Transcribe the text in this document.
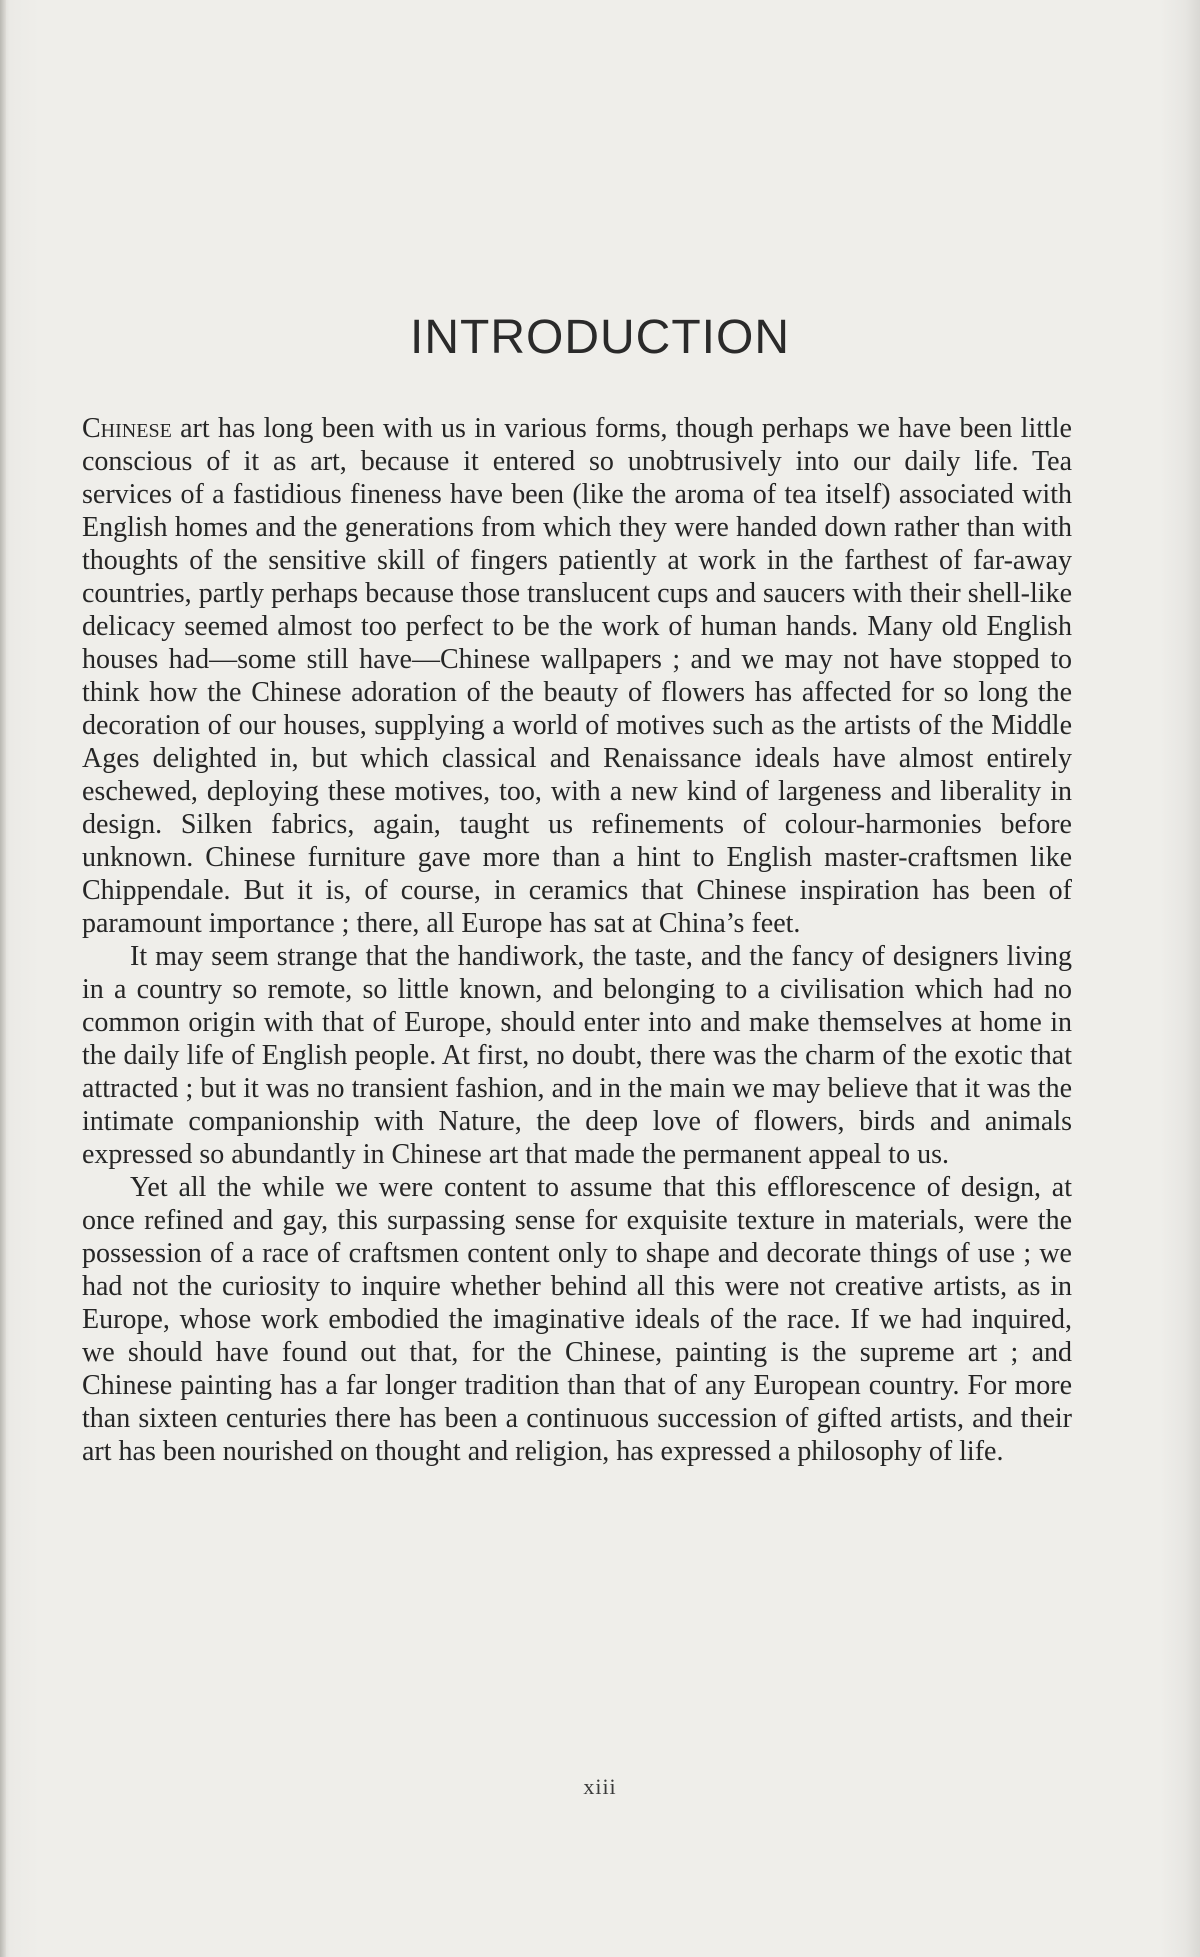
INTRODUCTION

Chinese art has long been with us in various forms, though perhaps we have been little conscious of it as art, because it entered so unobtrusively into our daily life. Tea services of a fastidious fineness have been (like the aroma of tea itself) associated with English homes and the generations from which they were handed down rather than with thoughts of the sensitive skill of fingers patiently at work in the farthest of far-away countries, partly perhaps because those translucent cups and saucers with their shell-like delicacy seemed almost too perfect to be the work of human hands. Many old English houses had—some still have—Chinese wallpapers ; and we may not have stopped to think how the Chinese adoration of the beauty of flowers has affected for so long the decoration of our houses, supplying a world of motives such as the artists of the Middle Ages delighted in, but which classical and Renaissance ideals have almost entirely eschewed, deploying these motives, too, with a new kind of largeness and liberality in design. Silken fabrics, again, taught us refinements of colour-harmonies before unknown. Chinese furniture gave more than a hint to English master-craftsmen like Chippendale. But it is, of course, in ceramics that Chinese inspiration has been of paramount importance ; there, all Europe has sat at China’s feet.

It may seem strange that the handiwork, the taste, and the fancy of designers living in a country so remote, so little known, and belonging to a civilisation which had no common origin with that of Europe, should enter into and make themselves at home in the daily life of English people. At first, no doubt, there was the charm of the exotic that attracted ; but it was no transient fashion, and in the main we may believe that it was the intimate companionship with Nature, the deep love of flowers, birds and animals expressed so abundantly in Chinese art that made the permanent appeal to us.

Yet all the while we were content to assume that this efflorescence of design, at once refined and gay, this surpassing sense for exquisite texture in materials, were the possession of a race of craftsmen content only to shape and decorate things of use ; we had not the curiosity to inquire whether behind all this were not creative artists, as in Europe, whose work embodied the imaginative ideals of the race. If we had inquired, we should have found out that, for the Chinese, painting is the supreme art ; and Chinese painting has a far longer tradition than that of any European country. For more than sixteen centuries there has been a continuous succession of gifted artists, and their art has been nourished on thought and religion, has expressed a philosophy of life.

xiii
